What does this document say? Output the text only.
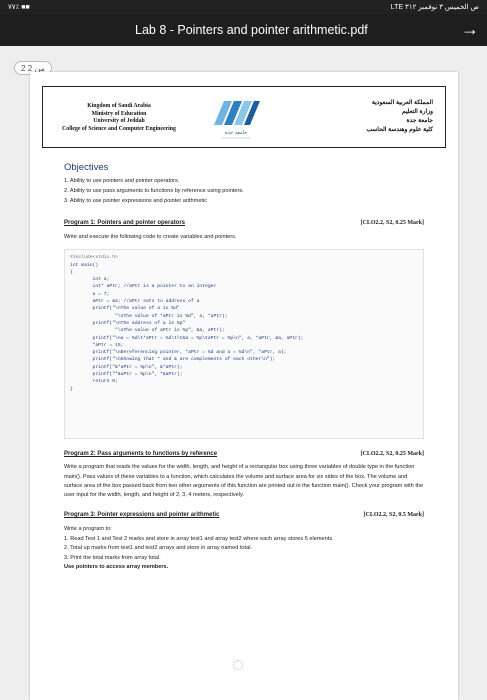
٧٧٪ ■■	LTE ۳۱۲ ص الخميس ٣ نوفمبر
Lab 8 - Pointers and pointer arithmetic.pdf	→
2 من 2
Kingdom of Saudi Arabia
Ministry of Education
University of Jeddah
College of Science and Computer Engineering
جامعة جدة
المملكة العربية السعودية
وزارة التعليم
جامعة جدة
كلية علوم وهندسة الحاسب
Objectives
1. Ability to use pointers and pointer operators.
2. Ability to use pass arguments to functions by reference using pointers.
3. Ability to use pointer expressions and pointer arithmetic
Program 1: Pointers and pointer operators	[CLO2.2, S2, 0.25 Mark]
Write and execute the following code to create variables and pointers.
#include<stdio.h>
int main()
{
int a;
int* aPtr; //aPtr is a pointer to an integer
a = 7;
aPtr = &a; //aPtr sets to address of a
printf("\nThe value of a is %d"
"\nThe value of *aPtr is %d", a, *aPtr);
printf("\nThe address of a is %p"
"\nThe value of aPtr is %p", &a, aPtr);
printf("\na = %d\t*aPtr = %d\t\t&a = %p\taPtr = %p\n", a, *aPtr, &a, aPtr);
*aPtr = 15;
printf("\nDereferencing pointer, *aPtr = %d and a = %d\n", *aPtr, a);
printf("\nShowing that * and & are complements of each other\n");
printf("&*aPtr = %p\n", &*aPtr);
printf("*&aPtr = %p\n", *&aPtr);
return 0;
}
Program 2: Pass arguments to functions by reference	[CLO2.2, S2, 0.25 Mark]
Write a program that reads the values for the width, length, and height of a rectangular box using three variables of double type in the function main(). Pass values of these variables to a function, which calculates the volume and surface area for six sides of the box. The volume and surface area of the box passed back from two other arguments of this function are printed out in the function main(). Check your program with the user input for the width, length, and height of 2, 3, 4 meters, respectively.
Program 3: Pointer expressions and pointer arithmetic	[CLO2.2, S2, 0.5 Mark]
Write a program to:
1. Read Test 1 and Test 2 marks and store in array test1 and array test2 where each array stores 5 elements.
2. Total up marks from test1 and test2 arrays and store in array named total.
3. Print the total marks from array total.
Use pointers to access array members.
